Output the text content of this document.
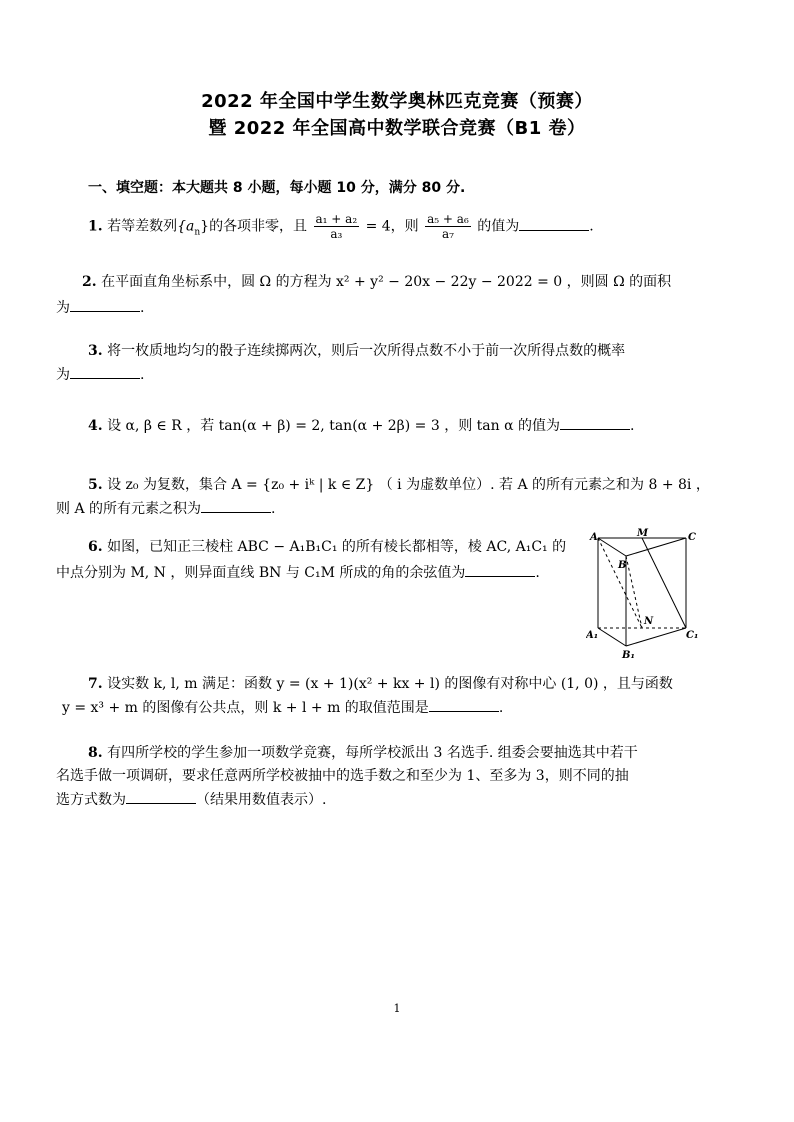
2022 年全国中学生数学奥林匹克竞赛（预赛）
暨 2022 年全国高中数学联合竞赛（B1 卷）
一、填空题：本大题共 8 小题，每小题 10 分，满分 80 分.
1. 若等差数列$\{a_n\}$的各项非零，且 $\frac{\text{a₁ + a₂}}{\text{a₃}} = 4$，则 $\frac{\text{a₅ + a₆}}{\text{a₇}}$ 的值为	.
2. 在平面直角坐标系中，圆 Ω 的方程为 x² + y² − 20x − 22y − 2022 = 0 ，则圆 Ω 的面积
为	.
3. 将一枚质地均匀的骰子连续掷两次，则后一次所得点数不小于前一次所得点数的概率
为	.
4. 设 α, β ∈ R ，若 tan(α + β) = 2, tan(α + 2β) = 3 ，则 tan α 的值为	.
5. 设 z₀ 为复数，集合 A = {z₀ + iᵏ | k ∈ Z} （ i 为虚数单位）. 若 A 的所有元素之和为 8 + 8i ，
则 A 的所有元素之积为	.
6. 如图，已知正三棱柱 ABC − A₁B₁C₁ 的所有棱长都相等，棱 AC, A₁C₁ 的
中点分别为 M, N ，则异面直线 BN 与 C₁M 所成的角的余弦值为	.
A	M	C
B
N
A₁	C₁
B₁
7. 设实数 k, l, m 满足：函数 y = (x + 1)(x² + kx + l) 的图像有对称中心 (1, 0) ，且与函数
y = x³ + m 的图像有公共点，则 k + l + m 的取值范围是	.
8. 有四所学校的学生参加一项数学竞赛，每所学校派出 3 名选手. 组委会要抽选其中若干
名选手做一项调研，要求任意两所学校被抽中的选手数之和至少为 1、至多为 3，则不同的抽
选方式数为	（结果用数值表示）.
1
